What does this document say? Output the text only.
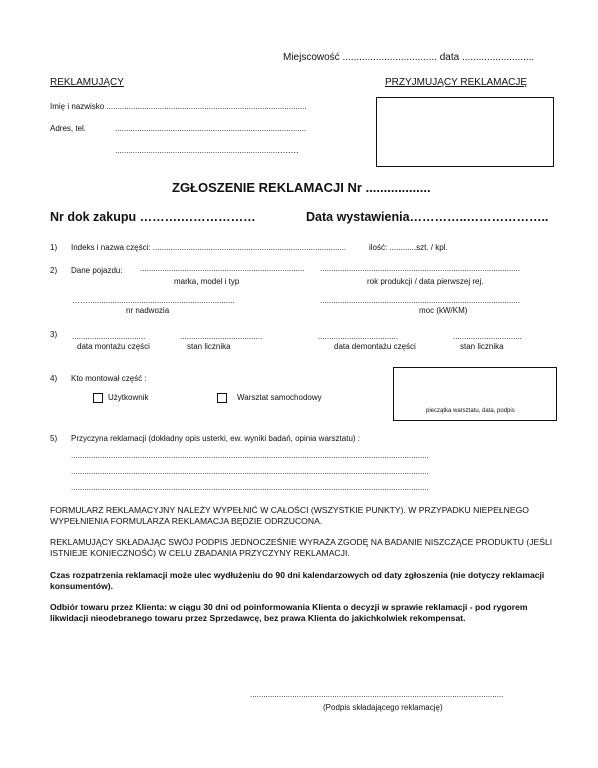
Miejscowość .................................. data ..........................
REKLAMUJĄCY	PRZYJMUJĄCY REKLAMACJĘ
Imię i nazwisko ..........................................................................................
Adres, tel.	......................................................................................
.........................................................................‥‥‥‥
ZGŁOSZENIE REKLAMACJI Nr ..................
Nr dok zakupu ……….………………	Data wystawienia…………..………………..
1) Indeks i nazwa części: .......................................................................................	ilość: ............szt. / kpl.
2) Dane pojazdu: .......................................................................... ..........................................................................................
marka, model i typ	rok produkcji / data pierwszej rej.
……..................................................................	..........................................................................................
nr nadwozia	moc (kW/KM)
3) .................................	.....................................	....................................	...............................
data montażu części	stan licznika	data demontażu części	stan licznika
4) Kto montował część :
Użytkownik	Warsztat samochodowy
pieczątka warsztatu, data, podpis
5) Przyczyna reklamacji (dokładny opis usterki, ew. wyniki badań, opinia warsztatu) :
.................................................................................................................................................................
.................................................................................................................................................................
.................................................................................................................................................................
FORMULARZ REKLAMACYJNY NALEŻY WYPEŁNIĆ W CAŁOŚCI (WSZYSTKIE PUNKTY). W PRZYPADKU NIEPEŁNEGO WYPEŁNIENIA FORMULARZA REKLAMACJA BĘDZIE ODRZUCONA.
REKLAMUJĄCY SKŁADAJĄC SWÓJ PODPIS JEDNOCZEŚNIE WYRAŻA ZGODĘ NA BADANIE NISZCZĄCE PRODUKTU (JEŚLI ISTNIEJE KONIECZNOŚĆ) W CELU ZBADANIA PRZYCZYNY REKLAMACJI.
Czas rozpatrzenia reklamacji może ulec wydłużeniu do 90 dni kalendarzowych od daty zgłoszenia (nie dotyczy reklamacji konsumentów).
Odbiór towaru przez Klienta: w ciągu 30 dni od poinformowania Klienta o decyzji w sprawie reklamacji - pod rygorem likwidacji nieodebranego towaru przez Sprzedawcę, bez prawa Klienta do jakichkolwiek rekompensat.
..................................................................................................................
(Podpis składającego reklamację)
